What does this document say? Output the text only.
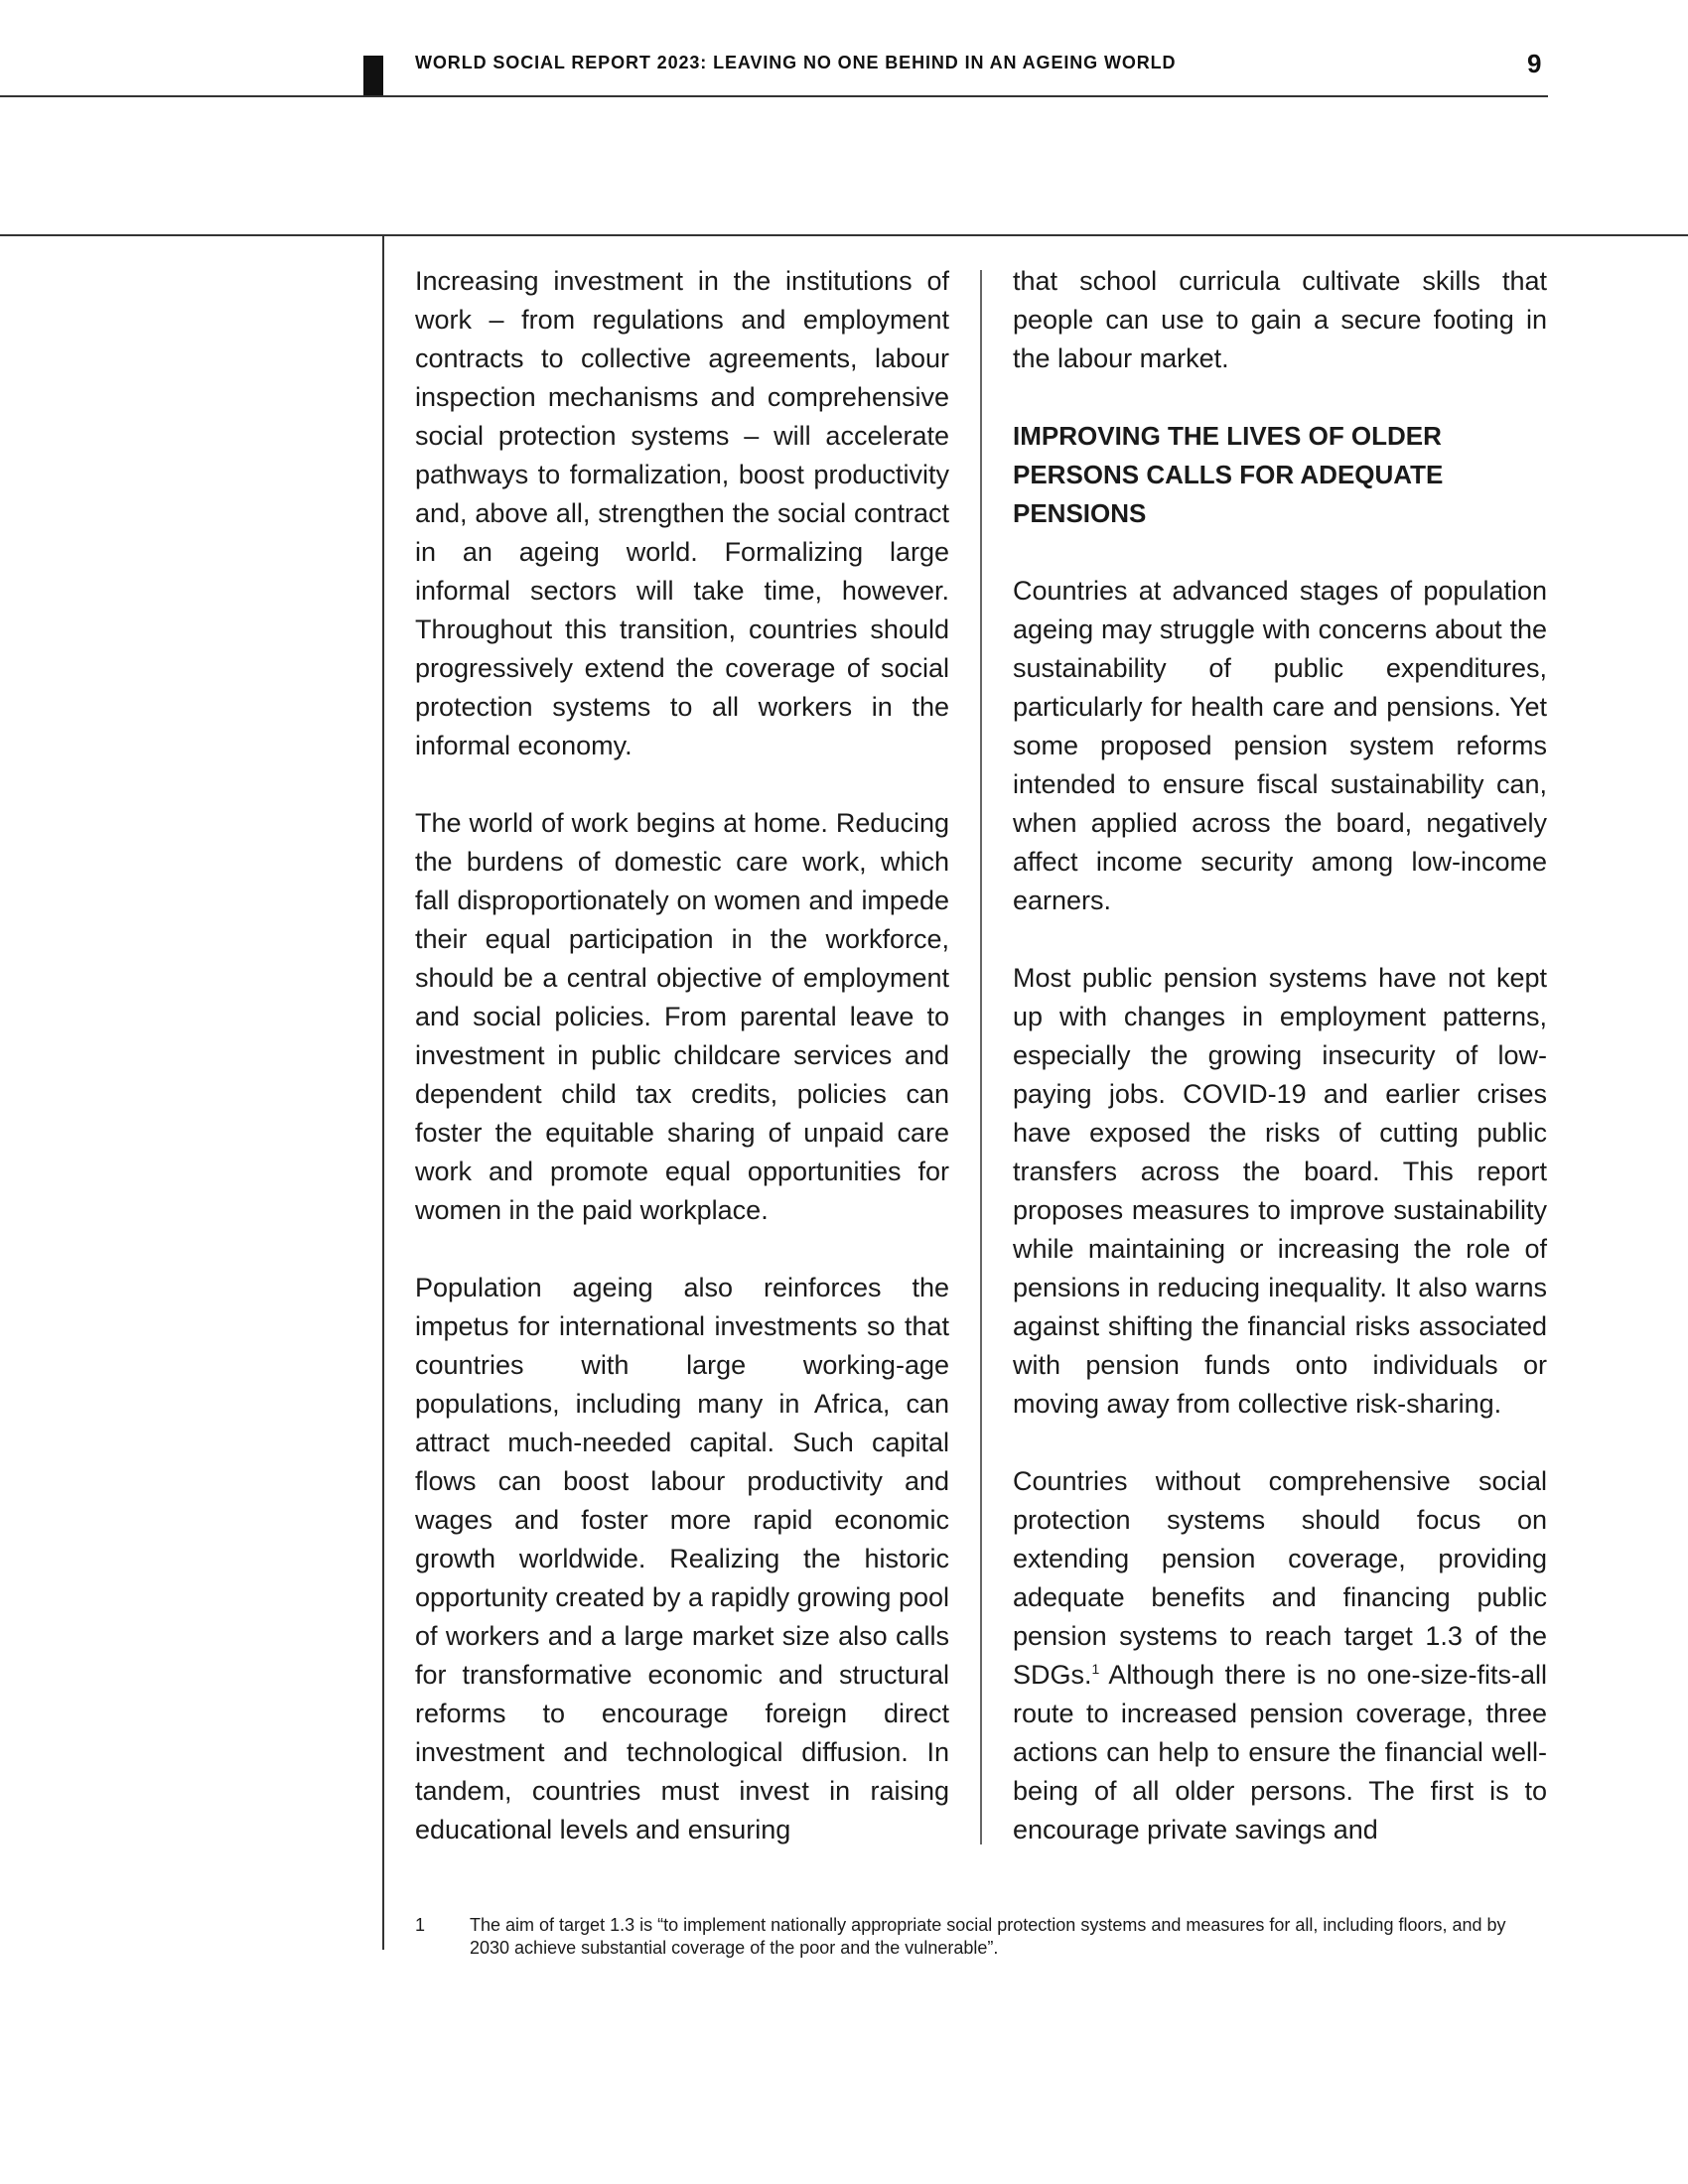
WORLD SOCIAL REPORT 2023: LEAVING NO ONE BEHIND IN AN AGEING WORLD	9

Increasing investment in the institutions of work – from regulations and employment contracts to collective agreements, labour inspection mechanisms and comprehensive social protection systems – will accelerate pathways to formalization, boost productivity and, above all, strengthen the social contract in an ageing world. Formalizing large informal sectors will take time, however. Throughout this transition, countries should progressively extend the coverage of social protection systems to all workers in the informal economy.

The world of work begins at home. Reducing the burdens of domestic care work, which fall disproportionately on women and impede their equal participation in the workforce, should be a central objective of employment and social policies. From parental leave to investment in public childcare services and dependent child tax credits, policies can foster the equitable sharing of unpaid care work and promote equal opportunities for women in the paid workplace.

Population ageing also reinforces the impetus for international investments so that countries with large working-age populations, including many in Africa, can attract much-needed capital. Such capital flows can boost labour productivity and wages and foster more rapid economic growth worldwide. Realizing the historic opportunity created by a rapidly growing pool of workers and a large market size also calls for transformative economic and structural reforms to encourage foreign direct investment and technological diffusion. In tandem, countries must invest in raising educational levels and ensuring

that school curricula cultivate skills that people can use to gain a secure footing in the labour market.

IMPROVING THE LIVES OF OLDER PERSONS CALLS FOR ADEQUATE PENSIONS

Countries at advanced stages of population ageing may struggle with concerns about the sustainability of public expenditures, particularly for health care and pensions. Yet some proposed pension system reforms intended to ensure fiscal sustainability can, when applied across the board, negatively affect income security among low-income earners.

Most public pension systems have not kept up with changes in employment patterns, especially the growing insecurity of low-paying jobs. COVID-19 and earlier crises have exposed the risks of cutting public transfers across the board. This report proposes measures to improve sustainability while maintaining or increasing the role of pensions in reducing inequality. It also warns against shifting the financial risks associated with pension funds onto individuals or moving away from collective risk-sharing.

Countries without comprehensive social protection systems should focus on extending pension coverage, providing adequate benefits and financing public pension systems to reach target 1.3 of the SDGs.$^1$ Although there is no one-size-fits-all route to increased pension coverage, three actions can help to ensure the financial well-being of all older persons. The first is to encourage private savings and

1 The aim of target 1.3 is “to implement nationally appropriate social protection systems and measures for all, including floors, and by 2030 achieve substantial coverage of the poor and the vulnerable”.
